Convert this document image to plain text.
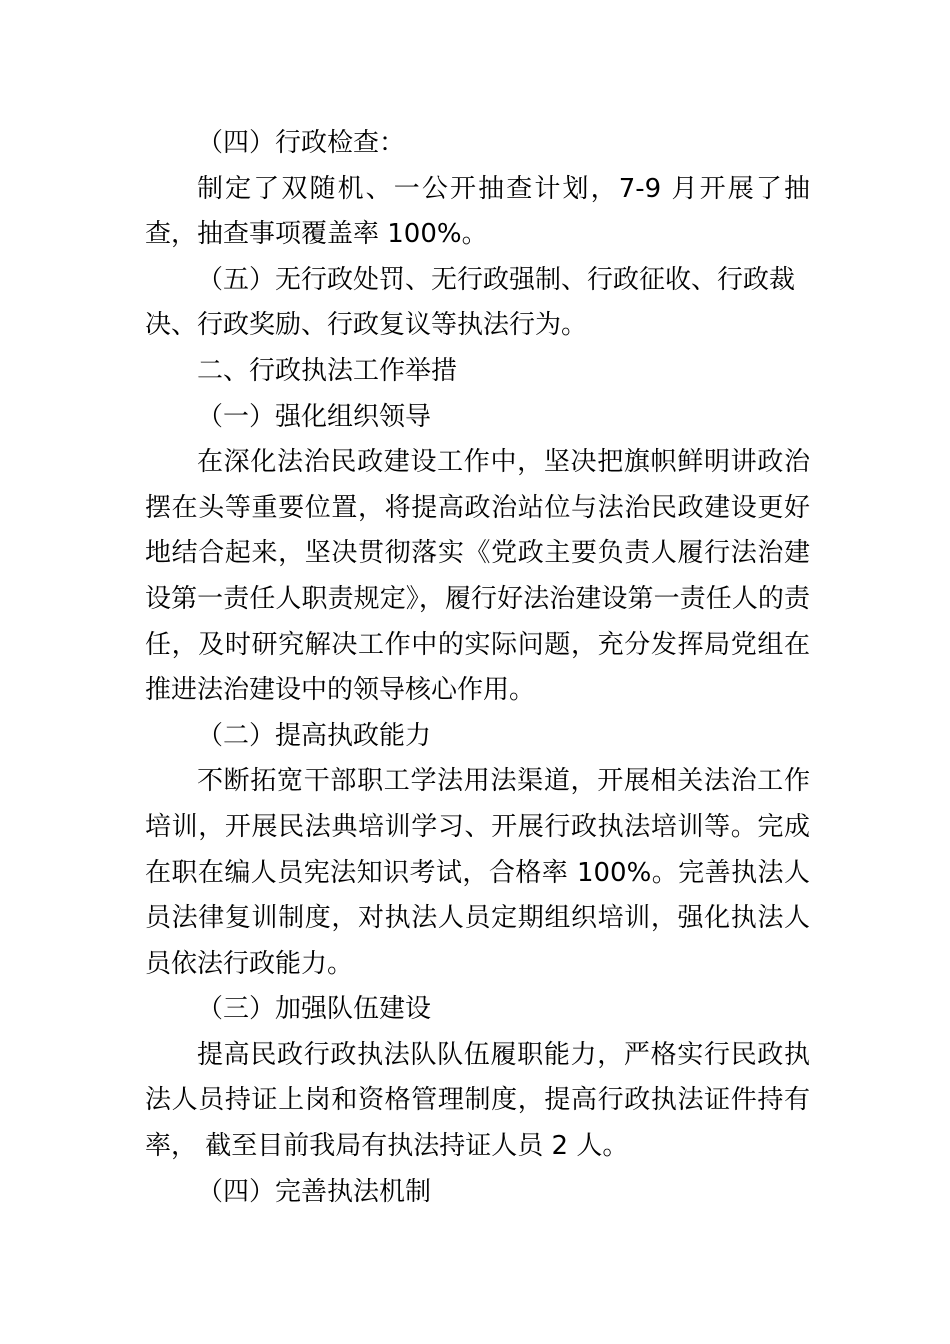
（四）行政检查：

制定了双随机、一公开抽查计划，7-9 月开展了抽查，抽查事项覆盖率 100%。

（五）无行政处罚、无行政强制、行政征收、行政裁决、行政奖励、行政复议等执法行为。

二、行政执法工作举措

（一）强化组织领导

在深化法治民政建设工作中，坚决把旗帜鲜明讲政治摆在头等重要位置，将提高政治站位与法治民政建设更好地结合起来，坚决贯彻落实《党政主要负责人履行法治建设第一责任人职责规定》，履行好法治建设第一责任人的责任，及时研究解决工作中的实际问题，充分发挥局党组在推进法治建设中的领导核心作用。

（二）提高执政能力

不断拓宽干部职工学法用法渠道，开展相关法治工作培训，开展民法典培训学习、开展行政执法培训等。完成在职在编人员宪法知识考试，合格率 100%。完善执法人员法律复训制度，对执法人员定期组织培训，强化执法人员依法行政能力。

（三）加强队伍建设

提高民政行政执法队队伍履职能力，严格实行民政执法人员持证上岗和资格管理制度，提高行政执法证件持有率， 截至目前我局有执法持证人员 2 人。

（四）完善执法机制
